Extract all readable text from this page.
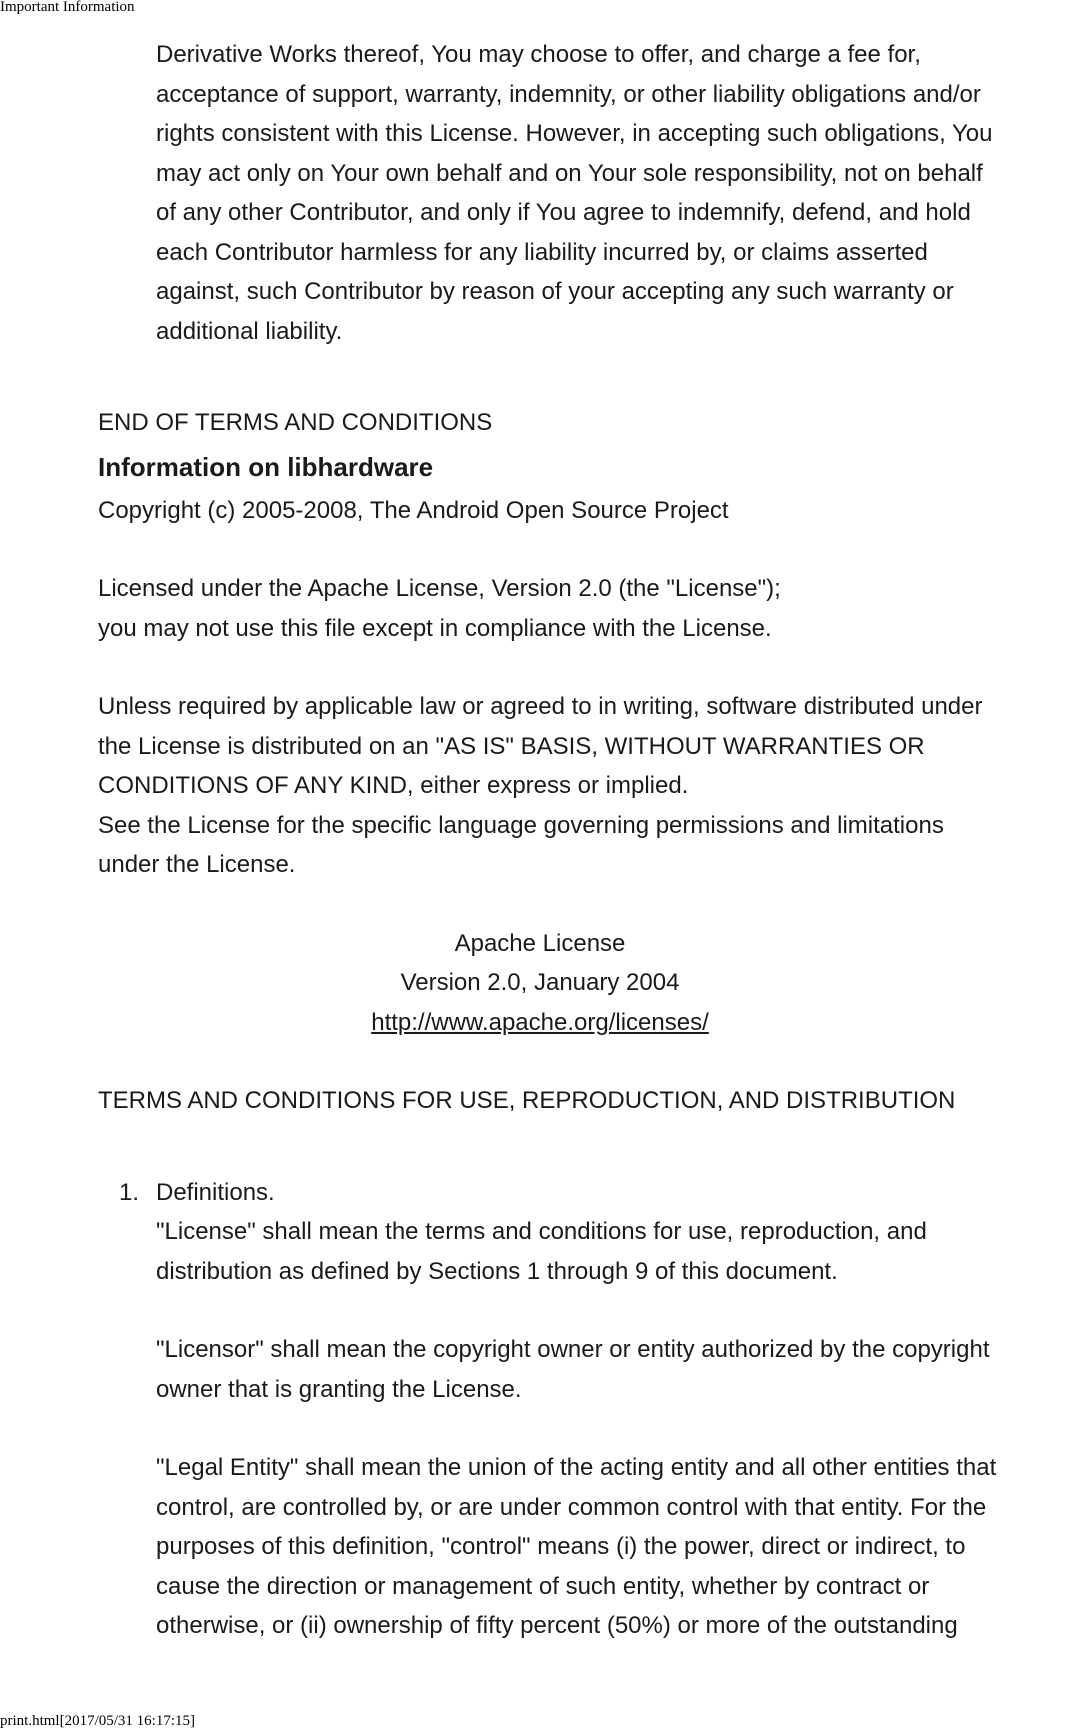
Important Information
Derivative Works thereof, You may choose to offer, and charge a fee for,
acceptance of support, warranty, indemnity, or other liability obligations and/or
rights consistent with this License. However, in accepting such obligations, You
may act only on Your own behalf and on Your sole responsibility, not on behalf
of any other Contributor, and only if You agree to indemnify, defend, and hold
each Contributor harmless for any liability incurred by, or claims asserted
against, such Contributor by reason of your accepting any such warranty or
additional liability.
END OF TERMS AND CONDITIONS
Information on libhardware
Copyright (c) 2005-2008, The Android Open Source Project
Licensed under the Apache License, Version 2.0 (the "License");
you may not use this file except in compliance with the License.
Unless required by applicable law or agreed to in writing, software distributed under
the License is distributed on an "AS IS" BASIS, WITHOUT WARRANTIES OR
CONDITIONS OF ANY KIND, either express or implied.
See the License for the specific language governing permissions and limitations
under the License.
Apache License
Version 2.0, January 2004
http://www.apache.org/licenses/
TERMS AND CONDITIONS FOR USE, REPRODUCTION, AND DISTRIBUTION
1. Definitions.
"License" shall mean the terms and conditions for use, reproduction, and
distribution as defined by Sections 1 through 9 of this document.
"Licensor" shall mean the copyright owner or entity authorized by the copyright
owner that is granting the License.
"Legal Entity" shall mean the union of the acting entity and all other entities that
control, are controlled by, or are under common control with that entity. For the
purposes of this definition, "control" means (i) the power, direct or indirect, to
cause the direction or management of such entity, whether by contract or
otherwise, or (ii) ownership of fifty percent (50%) or more of the outstanding
print.html[2017/05/31 16:17:15]
